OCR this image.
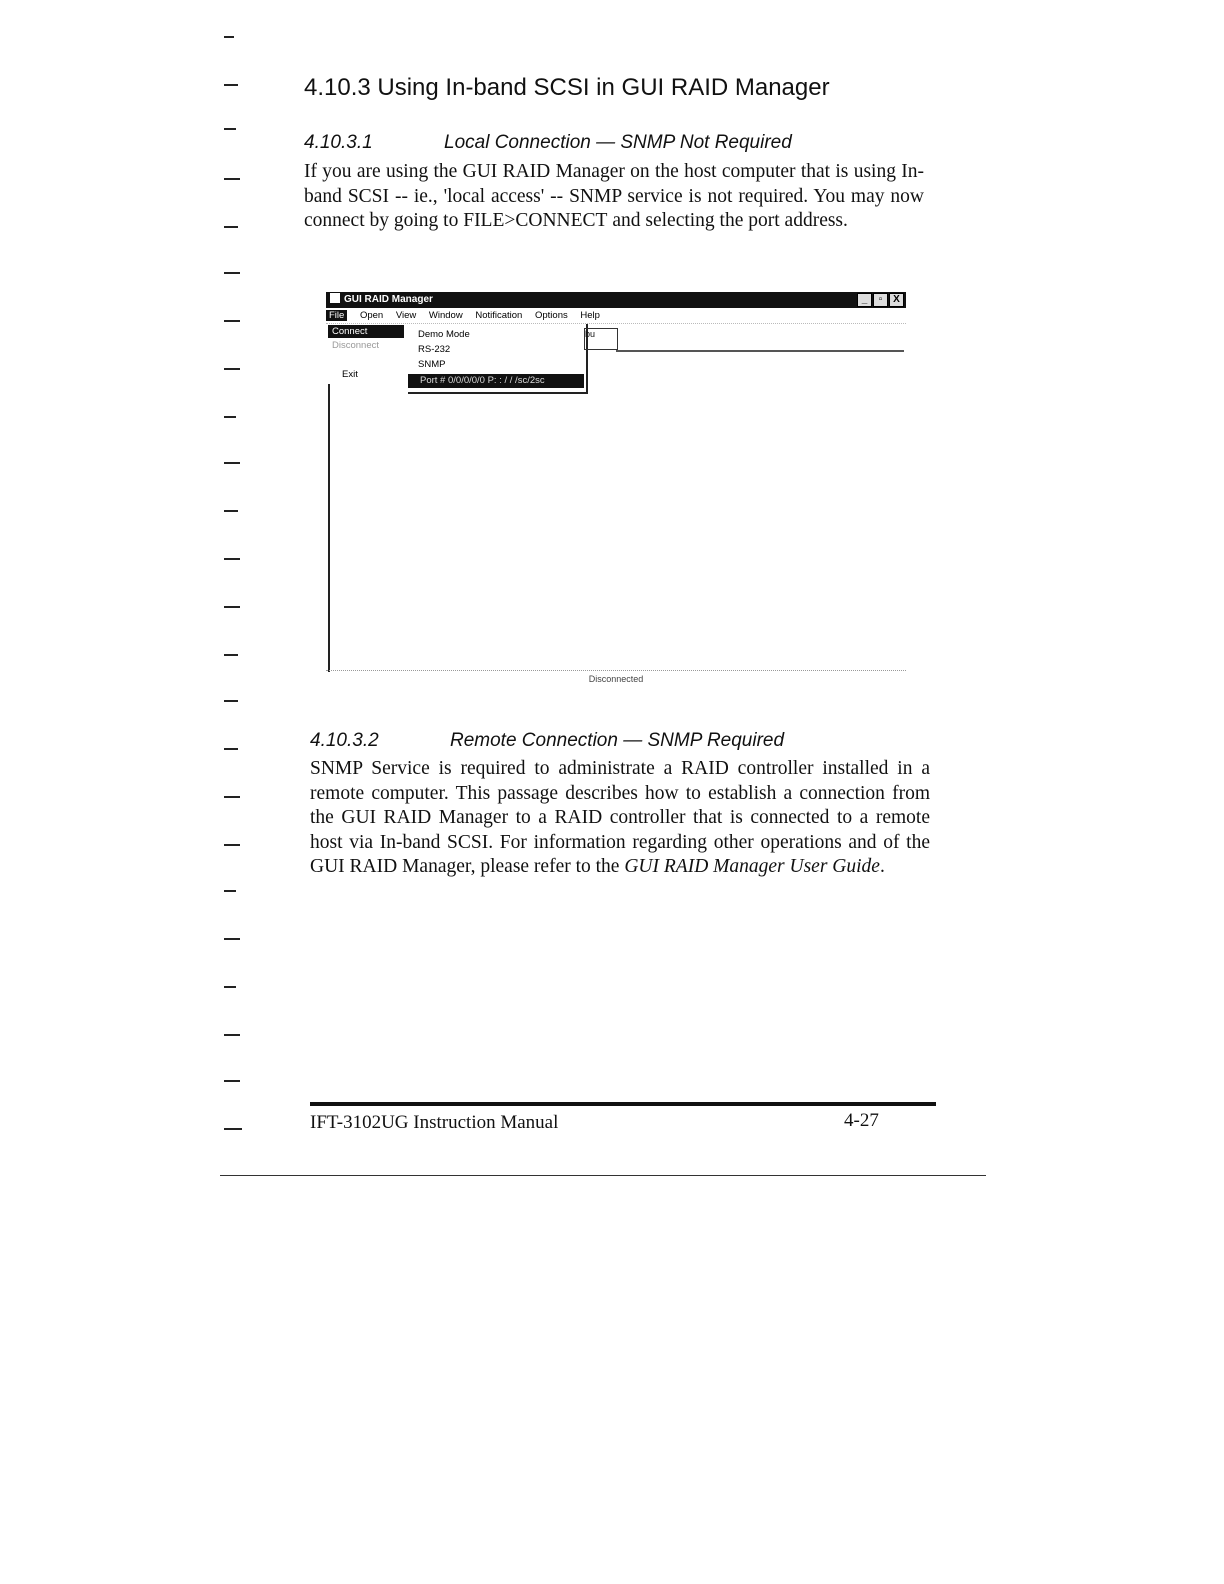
4.10.3 Using In-band SCSI in GUI RAID Manager
4.10.3.1	Local Connection — SNMP Not Required

If you are using the GUI RAID Manager on the host computer that is using In-band SCSI -- ie., 'local access' -- SNMP service is not required. You may now connect by going to FILE>CONNECT and selecting the port address.

GUI RAID Manager	_	▫	X
File Open View Window Notification Options Help
Connect
Disconnect
Exit
Demo Mode
RS-232
SNMP
Port # 0/0/0/0/0 P: : / / /sc/2sc
bu
Disconnected
4.10.3.2	Remote Connection — SNMP Required

SNMP Service is required to administrate a RAID controller installed in a remote computer. This passage describes how to establish a connection from the GUI RAID Manager to a RAID controller that is connected to a remote host via In-band SCSI. For information regarding other operations and of the GUI RAID Manager, please refer to the GUI RAID Manager User Guide.

IFT-3102UG Instruction Manual	4-27
